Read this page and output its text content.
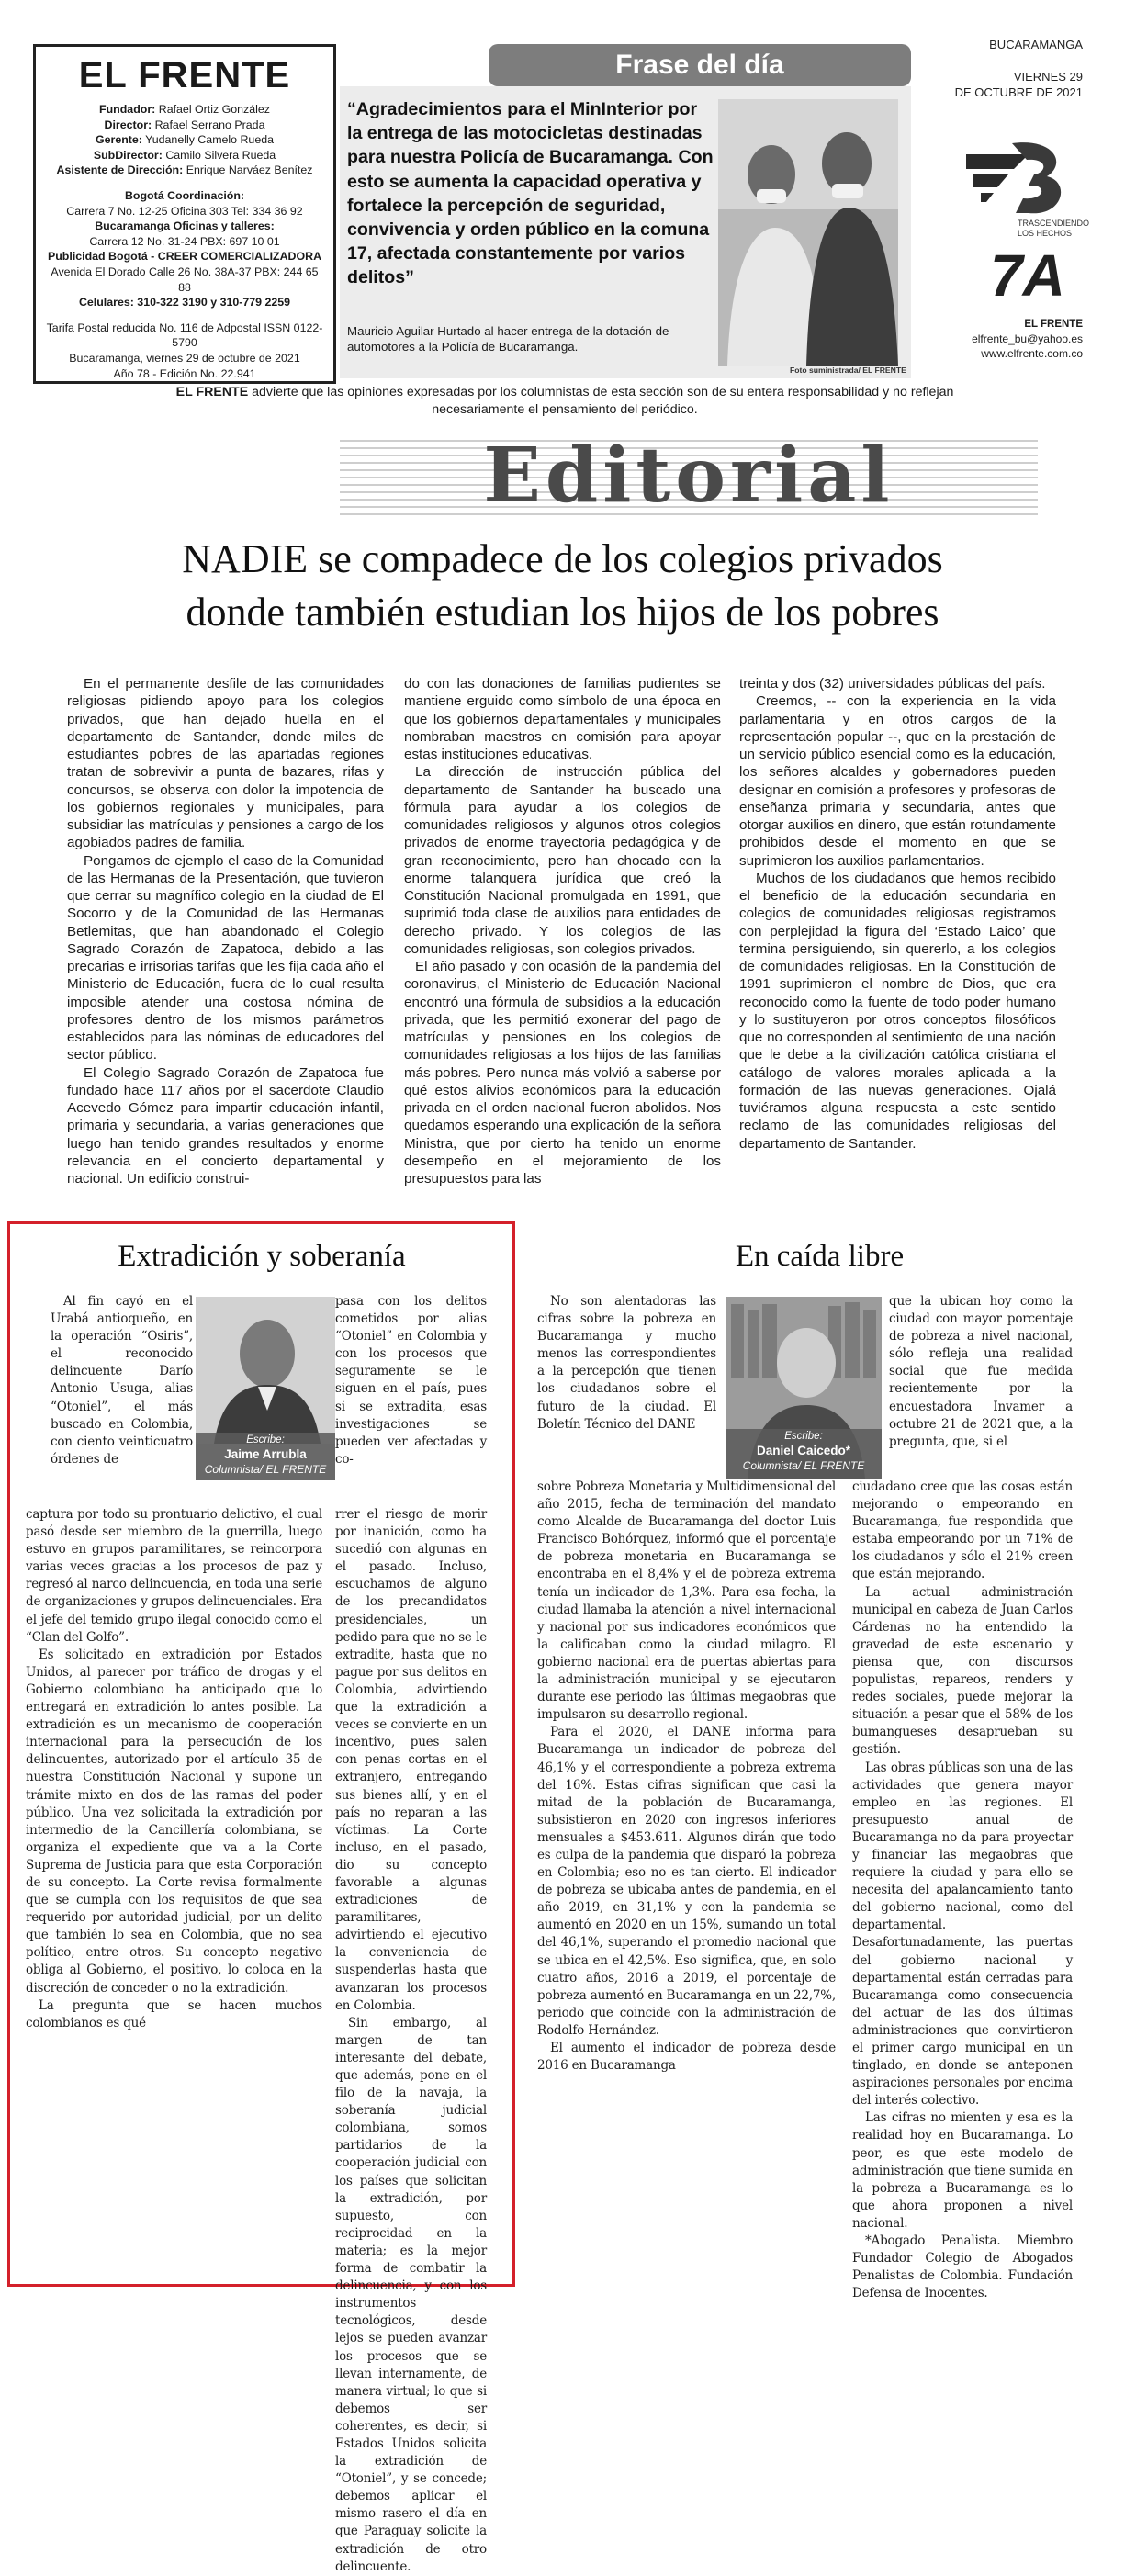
EL FRENTE
Fundador: Rafael Ortiz González
Director: Rafael Serrano Prada
Gerente: Yudanelly Camelo Rueda
SubDirector: Camilo Silvera Rueda
Asistente de Dirección: Enrique Narváez Benítez
Bogotá Coordinación:
Carrera 7 No. 12-25 Oficina 303 Tel: 334 36 92
Bucaramanga Oficinas y talleres:
Carrera 12 No. 31-24 PBX: 697 10 01
Publicidad Bogotá - CREER COMERCIALIZADORA
Avenida El Dorado Calle 26 No. 38A-37 PBX: 244 65 88
Celulares: 310-322 3190 y 310-779 2259
Tarifa Postal reducida No. 116 de Adpostal ISSN 0122-5790
Bucaramanga, viernes 29 de octubre de 2021
Año 78 - Edición No. 22.941
Frase del día
“Agradecimientos para el MinInterior por la entrega de las motocicletas destinadas para nuestra Policía de Bucaramanga. Con esto se aumenta la capacidad operativa y fortalece la percepción de seguridad, convivencia y orden público en la comuna 17, afectada constantemente por varios delitos”
Mauricio Aguilar Hurtado al hacer entrega de la dotación de automotores a la Policía de Bucaramanga.
Foto suministrada/ EL FRENTE
BUCARAMANGA
VIERNES 29
DE OCTUBRE DE 2021
TRASCENDIENDO
LOS HECHOS
7A
EL FRENTE
elfrente_bu@yahoo.es
www.elfrente.com.co
EL FRENTE advierte que las opiniones expresadas por los columnistas de esta sección son de su entera responsabilidad y no reflejan necesariamente el pensamiento del periódico.
Editorial
NADIE se compadece de los colegios privados
donde también estudian los hijos de los pobres

En el permanente desfile de las comunidades religiosas pidiendo apoyo para los colegios privados, que han dejado huella en el departamento de Santander, donde miles de estudiantes pobres de las apartadas regiones tratan de sobrevivir a punta de bazares, rifas y concursos, se observa con dolor la impotencia de los gobiernos regionales y municipales, para subsidiar las matrículas y pensiones a cargo de los agobiados padres de familia.

Pongamos de ejemplo el caso de la Comunidad de las Hermanas de la Presentación, que tuvieron que cerrar su magnífico colegio en la ciudad de El Socorro y de la Comunidad de las Hermanas Betlemitas, que han abandonado el Colegio Sagrado Corazón de Zapatoca, debido a las precarias e irrisorias tarifas que les fija cada año el Ministerio de Educación, fuera de lo cual resulta imposible atender una costosa nómina de profesores dentro de los mismos parámetros establecidos para las nóminas de educadores del sector público.

El Colegio Sagrado Corazón de Zapatoca fue fundado hace 117 años por el sacerdote Claudio Acevedo Gómez para impartir educación infantil, primaria y secundaria, a varias generaciones que luego han tenido grandes resultados y enorme relevancia en el concierto departamental y nacional. Un edificio construi-

do con las donaciones de familias pudientes se mantiene erguido como símbolo de una época en que los gobiernos departamentales y municipales nombraban maestros en comisión para apoyar estas instituciones educativas.

La dirección de instrucción pública del departamento de Santander ha buscado una fórmula para ayudar a los colegios de comunidades religiosos y algunos otros colegios privados de enorme trayectoria pedagógica y de gran reconocimiento, pero han chocado con la enorme talanquera jurídica que creó la Constitución Nacional promulgada en 1991, que suprimió toda clase de auxilios para entidades de derecho privado. Y los colegios de las comunidades religiosas, son colegios privados.

El año pasado y con ocasión de la pandemia del coronavirus, el Ministerio de Educación Nacional encontró una fórmula de subsidios a la educación privada, que les permitió exonerar del pago de matrículas y pensiones en los colegios de comunidades religiosas a los hijos de las familias más pobres. Pero nunca más volvió a saberse por qué estos alivios económicos para la educación privada en el orden nacional fueron abolidos. Nos quedamos esperando una explicación de la señora Ministra, que por cierto ha tenido un enorme desempeño en el mejoramiento de los presupuestos para las

treinta y dos (32) universidades públicas del país.

Creemos, -- con la experiencia en la vida parlamentaria y en otros cargos de la representación popular --, que en la prestación de un servicio público esencial como es la educación, los señores alcaldes y gobernadores pueden designar en comisión a profesores y profesoras de enseñanza primaria y secundaria, antes que otorgar auxilios en dinero, que están rotundamente prohibidos desde el momento en que se suprimieron los auxilios parlamentarios.

Muchos de los ciudadanos que hemos recibido el beneficio de la educación secundaria en colegios de comunidades religiosas registramos con perplejidad la figura del ‘Estado Laico’ que termina persiguiendo, sin quererlo, a los colegios de comunidades religiosas. En la Constitución de 1991 suprimieron el nombre de Dios, que era reconocido como la fuente de todo poder humano y lo sustituyeron por otros conceptos filosóficos que no corresponden al sentimiento de una nación que le debe a la civilización católica cristiana el catálogo de valores morales aplicada a la formación de las nuevas generaciones. Ojalá tuviéramos alguna respuesta a este sentido reclamo de las comunidades religiosas del departamento de Santander.

Extradición y soberanía

Al fin cayó en el Urabá antioqueño, en la operación “Osiris”, el reconocido delincuente Darío Antonio Usuga, alias “Otoniel”, el más buscado en Colombia, con ciento veinticuatro órdenes de

Escribe:
Jaime Arrubla
Columnista/ EL FRENTE

pasa con los delitos cometidos por alias “Otoniel” en Colombia y con los procesos que seguramente se le siguen en el país, pues si se extradita, esas investigaciones se pueden ver afectadas y co-

captura por todo su prontuario delictivo, el cual pasó desde ser miembro de la guerrilla, luego estuvo en grupos paramilitares, se reincorpora varias veces gracias a los procesos de paz y regresó al narco delincuencia, en toda una serie de organizaciones y grupos delincuenciales. Era el jefe del temido grupo ilegal conocido como el “Clan del Golfo”.

Es solicitado en extradición por Estados Unidos, al parecer por tráfico de drogas y el Gobierno colombiano ha anticipado que lo entregará en extradición lo antes posible. La extradición es un mecanismo de cooperación internacional para la persecución de los delincuentes, autorizado por el artículo 35 de nuestra Constitución Nacional y supone un trámite mixto en dos de las ramas del poder público. Una vez solicitada la extradición por intermedio de la Cancillería colombiana, se organiza el expediente que va a la Corte Suprema de Justicia para que esta Corporación de su concepto. La Corte revisa formalmente que se cumpla con los requisitos de que sea requerido por autoridad judicial, por un delito que también lo sea en Colombia, que no sea político, entre otros. Su concepto negativo obliga al Gobierno, el positivo, lo coloca en la discreción de conceder o no la extradición.

La pregunta que se hacen muchos colombianos es qué

rrer el riesgo de morir por inanición, como ha sucedió con algunas en el pasado. Incluso, escuchamos de alguno de los precandidatos presidenciales, un pedido para que no se le extradite, hasta que no pague por sus delitos en Colombia, advirtiendo que la extradición a veces se convierte en un incentivo, pues salen con penas cortas en el extranjero, entregando sus bienes allí, y en el país no reparan a las víctimas. La Corte incluso, en el pasado, dio su concepto favorable a algunas extradiciones de paramilitares, advirtiendo el ejecutivo la conveniencia de suspenderlas hasta que avanzaran los procesos en Colombia.

Sin embargo, al margen de tan interesante del debate, que además, pone en el filo de la navaja, la soberanía judicial colombiana, somos partidarios de la cooperación judicial con los países que solicitan la extradición, por supuesto, con reciprocidad en la materia; es la mejor forma de combatir la delincuencia, y con los instrumentos tecnológicos, desde lejos se pueden avanzar los procesos que se llevan internamente, de manera virtual; lo que si debemos ser coherentes, es decir, si Estados Unidos solicita la extradición de “Otoniel”, y se concede; debemos aplicar el mismo rasero el día en que Paraguay solicite la extradición de otro delincuente.

En caída libre

No son alentadoras las cifras sobre la pobreza en Bucaramanga y mucho menos las correspondientes a la percepción que tienen los ciudadanos sobre el futuro de la ciudad. El Boletín Técnico del DANE

Escribe:
Daniel Caicedo*
Columnista/ EL FRENTE

sobre Pobreza Monetaria y Multidimensional del año 2015, fecha de terminación del mandato como Alcalde de Bucaramanga del doctor Luis Francisco Bohórquez, informó que el porcentaje de pobreza monetaria en Bucaramanga se encontraba en el 8,4% y el de pobreza extrema tenía un indicador de 1,3%. Para esa fecha, la ciudad llamaba la atención a nivel internacional y nacional por sus indicadores económicos que la calificaban como la ciudad milagro. El gobierno nacional era de puertas abiertas para la administración municipal y se ejecutaron durante ese periodo las últimas megaobras que impulsaron su desarrollo regional.

Para el 2020, el DANE informa para Bucaramanga un indicador de pobreza del 46,1% y el correspondiente a pobreza extrema del 16%. Estas cifras significan que casi la mitad de la población de Bucaramanga, subsistieron en 2020 con ingresos inferiores mensuales a $453.611. Algunos dirán que todo es culpa de la pandemia que disparó la pobreza en Colombia; eso no es tan cierto. El indicador de pobreza se ubicaba antes de pandemia, en el año 2019, en 31,1% y con la pandemia se aumentó en 2020 en un 15%, sumando un total del 46,1%, superando el promedio nacional que se ubica en el 42,5%. Eso significa, que, en solo cuatro años, 2016 a 2019, el porcentaje de pobreza aumentó en Bucaramanga en un 22,7%, periodo que coincide con la administración de Rodolfo Hernández.

El aumento el indicador de pobreza desde 2016 en Bucaramanga

que la ubican hoy como la ciudad con mayor porcentaje de pobreza a nivel nacional, sólo refleja una realidad social que fue medida recientemente por la encuestadora Invamer a octubre 21 de 2021 que, a la pregunta, que, si el

ciudadano cree que las cosas están mejorando o empeorando en Bucaramanga, fue respondida que estaba empeorando por un 71% de los ciudadanos y sólo el 21% creen que están mejorando.

La actual administración municipal en cabeza de Juan Carlos Cárdenas no ha entendido la gravedad de este escenario y piensa que, con discursos populistas, repareos, renders y redes sociales, puede mejorar la situación a pesar que el 58% de los bumangueses desaprueban su gestión.

Las obras públicas son una de las actividades que genera mayor empleo en las regiones. El presupuesto anual de Bucaramanga no da para proyectar y financiar las megaobras que requiere la ciudad y para ello se necesita del apalancamiento tanto del gobierno nacional, como del departamental. Desafortunadamente, las puertas del gobierno nacional y departamental están cerradas para Bucaramanga como consecuencia del actuar de las dos últimas administraciones que convirtieron el primer cargo municipal en un tinglado, en donde se anteponen aspiraciones personales por encima del interés colectivo.

Las cifras no mienten y esa es la realidad hoy en Bucaramanga. Lo peor, es que este modelo de administración que tiene sumida en la pobreza a Bucaramanga es lo que ahora proponen a nivel nacional.

*Abogado Penalista. Miembro Fundador Colegio de Abogados Penalistas de Colombia. Fundación Defensa de Inocentes.
